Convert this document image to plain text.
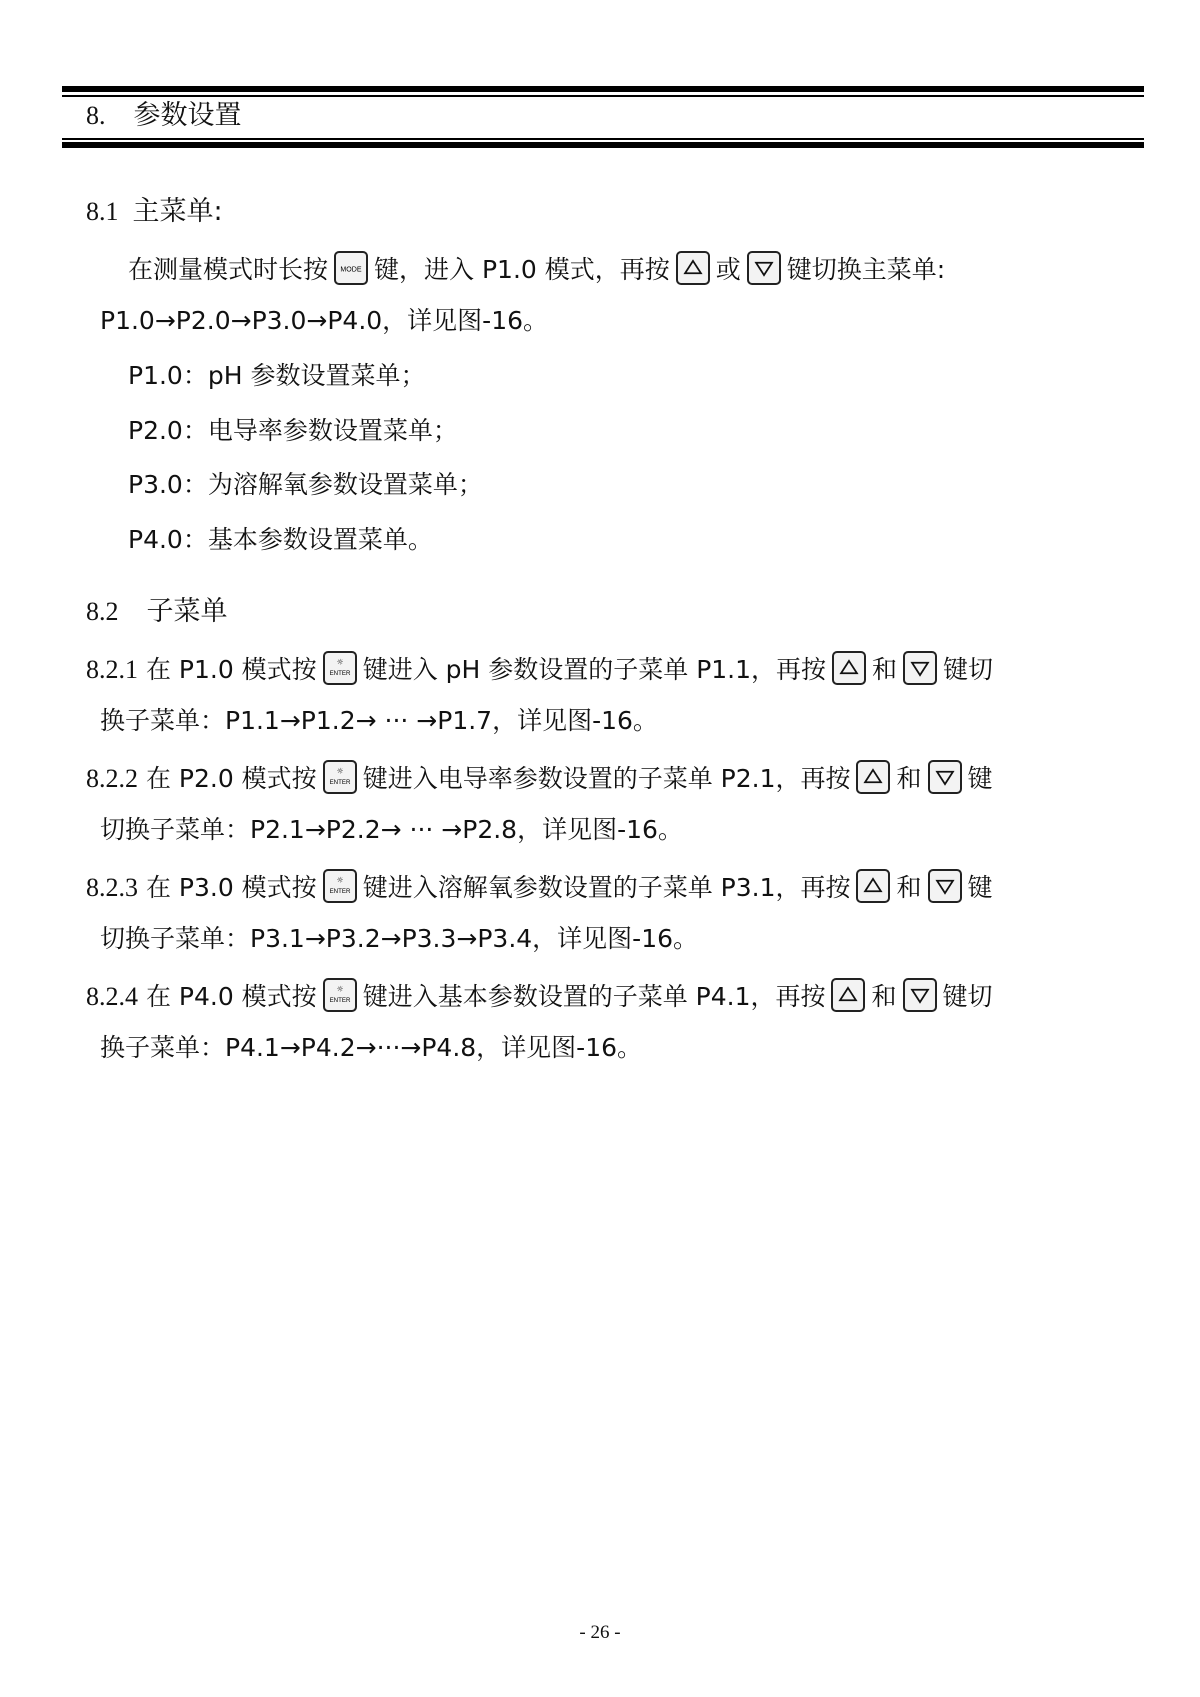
8. 参数设置
8.1 主菜单:
在测量模式时长按 MODE 键，进入 P1.0 模式，再按 或 键切换主菜单:
P1.0→P2.0→P3.0→P4.0，详见图-16。
P1.0：pH 参数设置菜单；
P2.0：电导率参数设置菜单；
P3.0：为溶解氧参数设置菜单；
P4.0：基本参数设置菜单。
8.2 子菜单
8.2.1 在 P1.0 模式按 ☼
ENTER 键进入 pH 参数设置的子菜单 P1.1，再按 和 键切
换子菜单：P1.1→P1.2→ ··· →P1.7，详见图-16。
8.2.2 在 P2.0 模式按 ☼
ENTER 键进入电导率参数设置的子菜单 P2.1，再按 和 键
切换子菜单：P2.1→P2.2→ ··· →P2.8，详见图-16。
8.2.3 在 P3.0 模式按 ☼
ENTER 键进入溶解氧参数设置的子菜单 P3.1，再按 和 键
切换子菜单：P3.1→P3.2→P3.3→P3.4，详见图-16。
8.2.4 在 P4.0 模式按 ☼
ENTER 键进入基本参数设置的子菜单 P4.1，再按 和 键切
换子菜单：P4.1→P4.2→···→P4.8，详见图-16。
- 26 -
